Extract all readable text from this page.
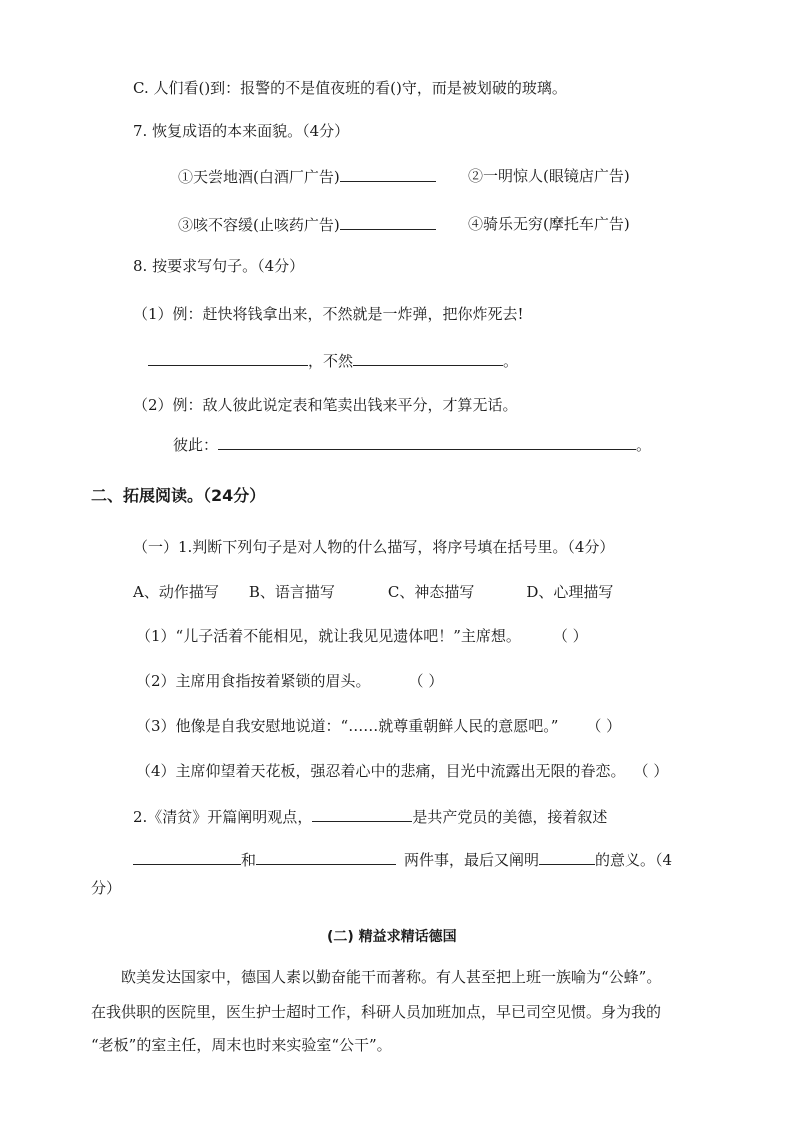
C. 人们看()到：报警的不是值夜班的看()守，而是被划破的玻璃。
7. 恢复成语的本来面貌。（4分）
①天尝地酒(白酒厂广告)	②一明惊人(眼镜店广告)
③咳不容缓(止咳药广告)	④骑乐无穷(摩托车广告)
8. 按要求写句子。（4分）
（1）例：赶快将钱拿出来，不然就是一炸弹，把你炸死去!
，不然	。
（2）例：敌人彼此说定表和笔卖出钱来平分，才算无话。
彼此：	。
二、拓展阅读。（24分）
（一）1.判断下列句子是对人物的什么描写，将序号填在括号里。（4分）
A、动作描写 B、语言描写	C、神态描写	D、心理描写
（1）“儿子活着不能相见，就让我见见遗体吧！”主席想。 （ ）
（2）主席用食指按着紧锁的眉头。	（ ）
（3）他像是自我安慰地说道：“……就尊重朝鲜人民的意愿吧。” （ ）
（4）主席仰望着天花板，强忍着心中的悲痛，目光中流露出无限的眷恋。 （ ）
2.《清贫》开篇阐明观点，	是共产党员的美德，接着叙述
和	两件事，最后又阐明	的意义。（4
分）
(二) 精益求精话德国
欧美发达国家中，德国人素以勤奋能干而著称。有人甚至把上班一族喻为“公蜂”。
在我供职的医院里，医生护士超时工作，科研人员加班加点，早已司空见惯。身为我的
“老板”的室主任，周末也时来实验室“公干”。
